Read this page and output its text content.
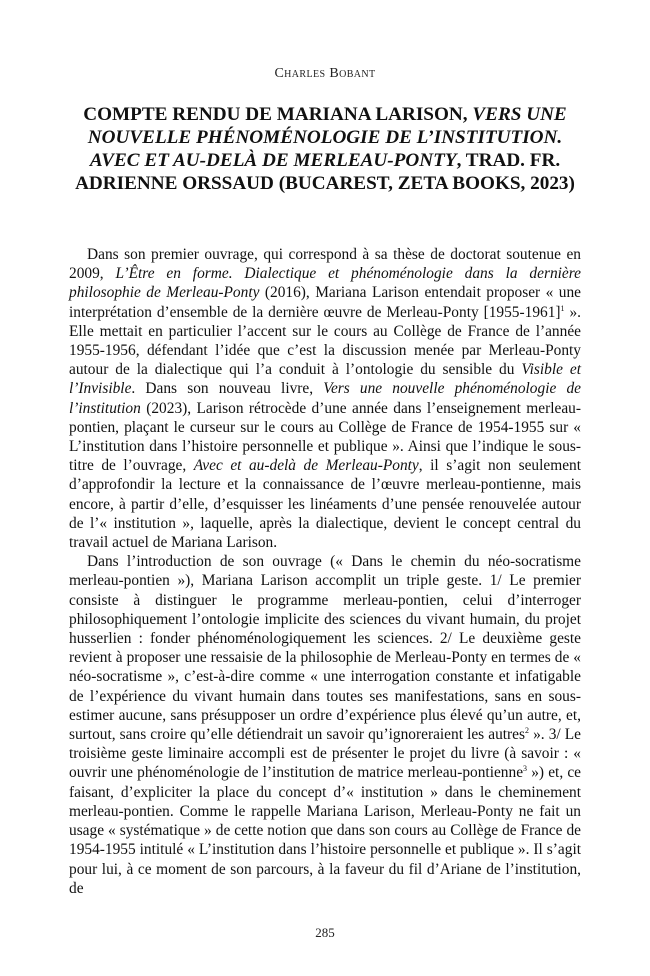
Charles Bobant
COMPTE RENDU DE MARIANA LARISON, VERS UNE NOUVELLE PHÉNOMÉNOLOGIE DE L’INSTITUTION. AVEC ET AU-DELÀ DE MERLEAU-PONTY, TRAD. FR. ADRIENNE ORSSAUD (BUCAREST, ZETA BOOKS, 2023)

Dans son premier ouvrage, qui correspond à sa thèse de doctorat soutenue en 2009, L’Être en forme. Dialectique et phénoménologie dans la dernière philosophie de Merleau-Ponty (2016), Mariana Larison entendait proposer « une interprétation d’ensemble de la dernière œuvre de Merleau-Ponty [1955-1961]$^1$ ». Elle mettait en particulier l’accent sur le cours au Collège de France de l’année 1955-1956, défendant l’idée que c’est la discussion menée par Merleau-Ponty autour de la dialectique qui l’a conduit à l’ontologie du sensible du Visible et l’Invisible. Dans son nouveau livre, Vers une nouvelle phénoménologie de l’institution (2023), Larison rétrocède d’une année dans l’enseignement merleau-pontien, plaçant le curseur sur le cours au Collège de France de 1954-1955 sur « L’institution dans l’histoire personnelle et publique ». Ainsi que l’indique le sous-titre de l’ouvrage, Avec et au-delà de Merleau-Ponty, il s’agit non seulement d’approfondir la lecture et la connaissance de l’œuvre merleau-pontienne, mais encore, à partir d’elle, d’esquisser les linéaments d’une pensée renouvelée autour de l’« institution », laquelle, après la dialectique, devient le concept central du travail actuel de Mariana Larison.

Dans l’introduction de son ouvrage (« Dans le chemin du néo-socratisme merleau-pontien »), Mariana Larison accomplit un triple geste. 1/ Le premier consiste à distinguer le programme merleau-pontien, celui d’interroger philosophiquement l’ontologie implicite des sciences du vivant humain, du projet husserlien : fonder phénoménologiquement les sciences. 2/ Le deuxième geste revient à proposer une ressaisie de la philosophie de Merleau-Ponty en termes de « néo-socratisme », c’est-à-dire comme « une interrogation constante et infatigable de l’expérience du vivant humain dans toutes ses manifestations, sans en sous-estimer aucune, sans présupposer un ordre d’expérience plus élevé qu’un autre, et, surtout, sans croire qu’elle détiendrait un savoir qu’ignoreraient les autres$^2$ ». 3/ Le troisième geste liminaire accompli est de présenter le projet du livre (à savoir : « ouvrir une phénoménologie de l’institution de matrice merleau-pontienne$^3$ ») et, ce faisant, d’expliciter la place du concept d’« institution » dans le cheminement merleau-pontien. Comme le rappelle Mariana Larison, Merleau-Ponty ne fait un usage « systématique » de cette notion que dans son cours au Collège de France de 1954-1955 intitulé « L’institution dans l’histoire personnelle et publique ». Il s’agit pour lui, à ce moment de son parcours, à la faveur du fil d’Ariane de l’institution, de

285
